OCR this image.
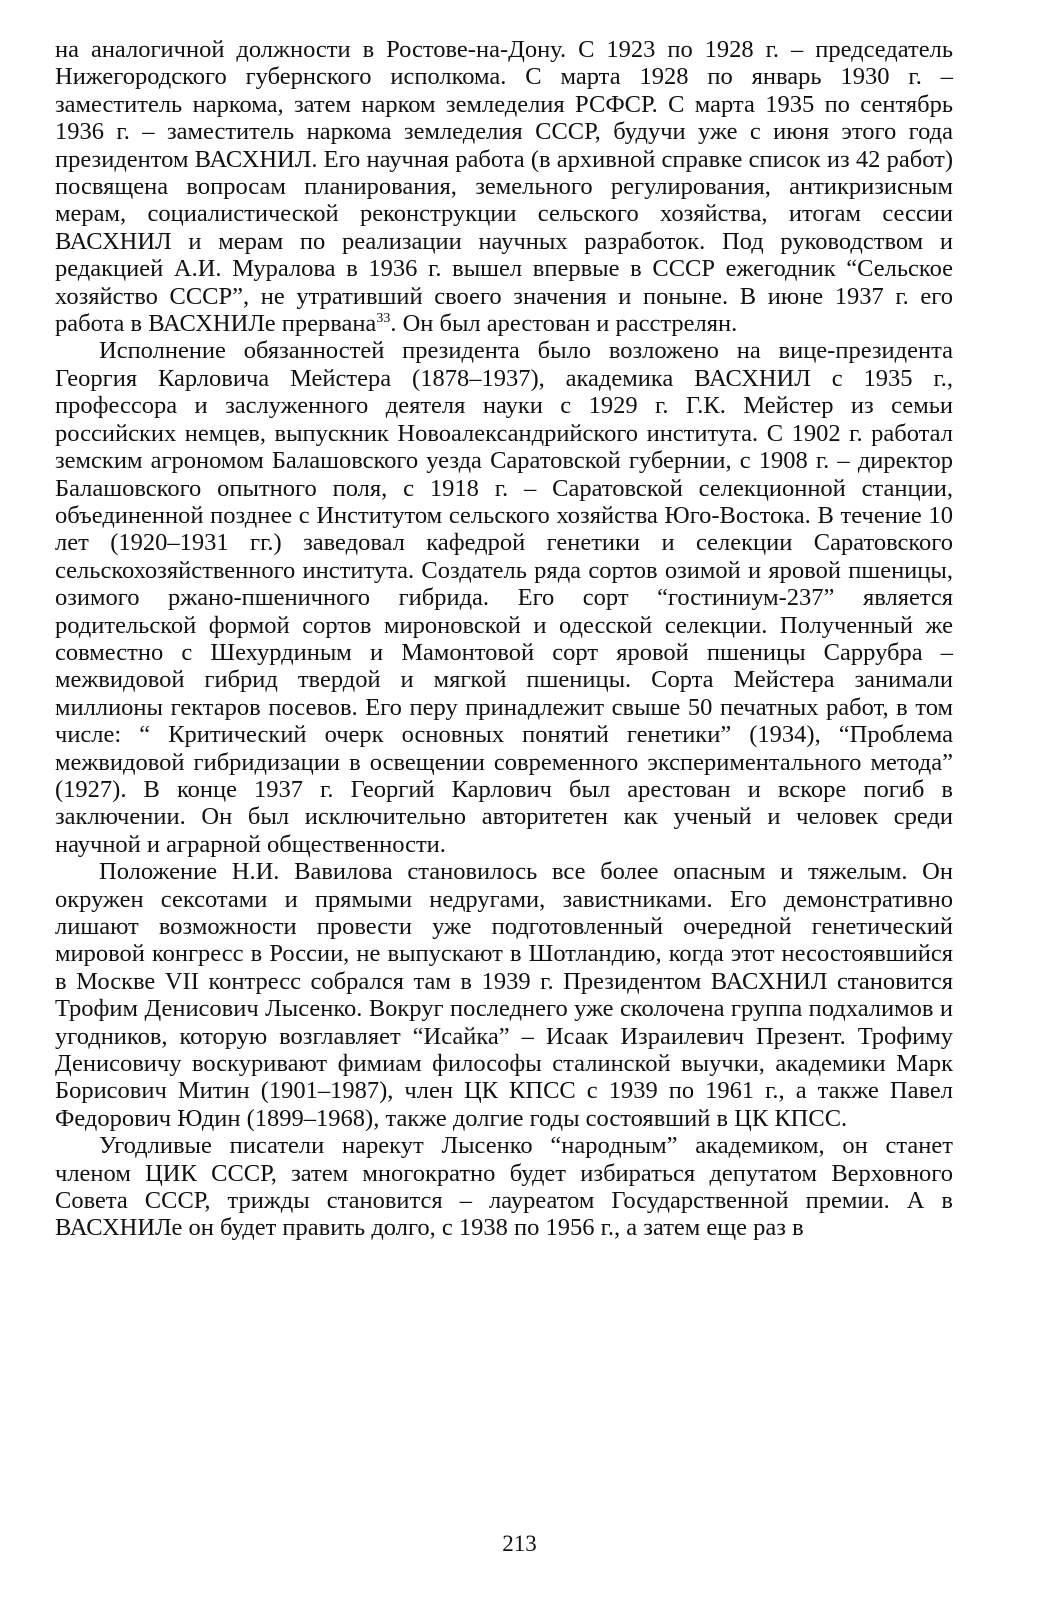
на аналогичной должности в Ростове-на-Дону. С 1923 по 1928 г. – председатель Нижегородского губернского исполкома. С марта 1928 по январь 1930 г. – заместитель наркома, затем нарком земледелия РСФСР. С марта 1935 по сентябрь 1936 г. – заместитель наркома земледелия СССР, будучи уже с июня этого года президентом ВАСХНИЛ. Его научная работа (в архивной справке список из 42 работ) посвящена вопросам планирования, земельного регулирования, антикризисным мерам, социалистической реконструкции сельского хозяйства, итогам сессии ВАСХНИЛ и мерам по реализации научных разработок. Под руководством и редакцией А.И. Муралова в 1936 г. вышел впервые в СССР ежегодник “Сельское хозяйство СССР”, не утративший своего значения и поныне. В июне 1937 г. его работа в ВАСХНИЛе прервана$^{33}$. Он был арестован и расстрелян.

Исполнение обязанностей президента было возложено на вице-президента Георгия Карловича Мейстера (1878–1937), академика ВАСХНИЛ с 1935 г., профессора и заслуженного деятеля науки с 1929 г. Г.К. Мейстер из семьи российских немцев, выпускник Новоалександрийского института. С 1902 г. работал земским агрономом Балашовского уезда Саратовской губернии, с 1908 г. – директор Балашовского опытного поля, с 1918 г. – Саратовской селекционной станции, объединенной позднее с Институтом сельского хозяйства Юго-Востока. В течение 10 лет (1920–1931 гг.) заведовал кафедрой генетики и селекции Саратовского сельскохозяйственного института. Создатель ряда сортов озимой и яровой пшеницы, озимого ржано-пшеничного гибрида. Его сорт “гостиниум-237” является родительской формой сортов мироновской и одесской селекции. Полученный же совместно с Шехурдиным и Мамонтовой сорт яровой пшеницы Саррубра – межвидовой гибрид твердой и мягкой пшеницы. Сорта Мейстера занимали миллионы гектаров посевов. Его перу принадлежит свыше 50 печатных работ, в том числе: “ Критический очерк основных понятий генетики” (1934), “Проблема межвидовой гибридизации в освещении современного экспериментального метода” (1927). В конце 1937 г. Георгий Карлович был арестован и вскоре погиб в заключении. Он был исключительно авторитетен как ученый и человек среди научной и аграрной общественности.

Положение Н.И. Вавилова становилось все более опасным и тяжелым. Он окружен сексотами и прямыми недругами, завистниками. Его демонстративно лишают возможности провести уже подготовленный очередной генетический мировой конгресс в России, не выпускают в Шотландию, когда этот несостоявшийся в Москве VII контресс собрался там в 1939 г. Президентом ВАСХНИЛ становится Трофим Денисович Лысенко. Вокруг последнего уже сколочена группа подхалимов и угодников, которую возглавляет “Исайка” – Исаак Израилевич Презент. Трофиму Денисовичу воскуривают фимиам философы сталинской выучки, академики Марк Борисович Митин (1901–1987), член ЦК КПСС с 1939 по 1961 г., а также Павел Федорович Юдин (1899–1968), также долгие годы состоявший в ЦК КПСС.

Угодливые писатели нарекут Лысенко “народным” академиком, он станет членом ЦИК СССР, затем многократно будет избираться депутатом Верховного Совета СССР, трижды становится – лауреатом Государственной премии. А в ВАСХНИЛе он будет править долго, с 1938 по 1956 г., а затем еще раз в

213
